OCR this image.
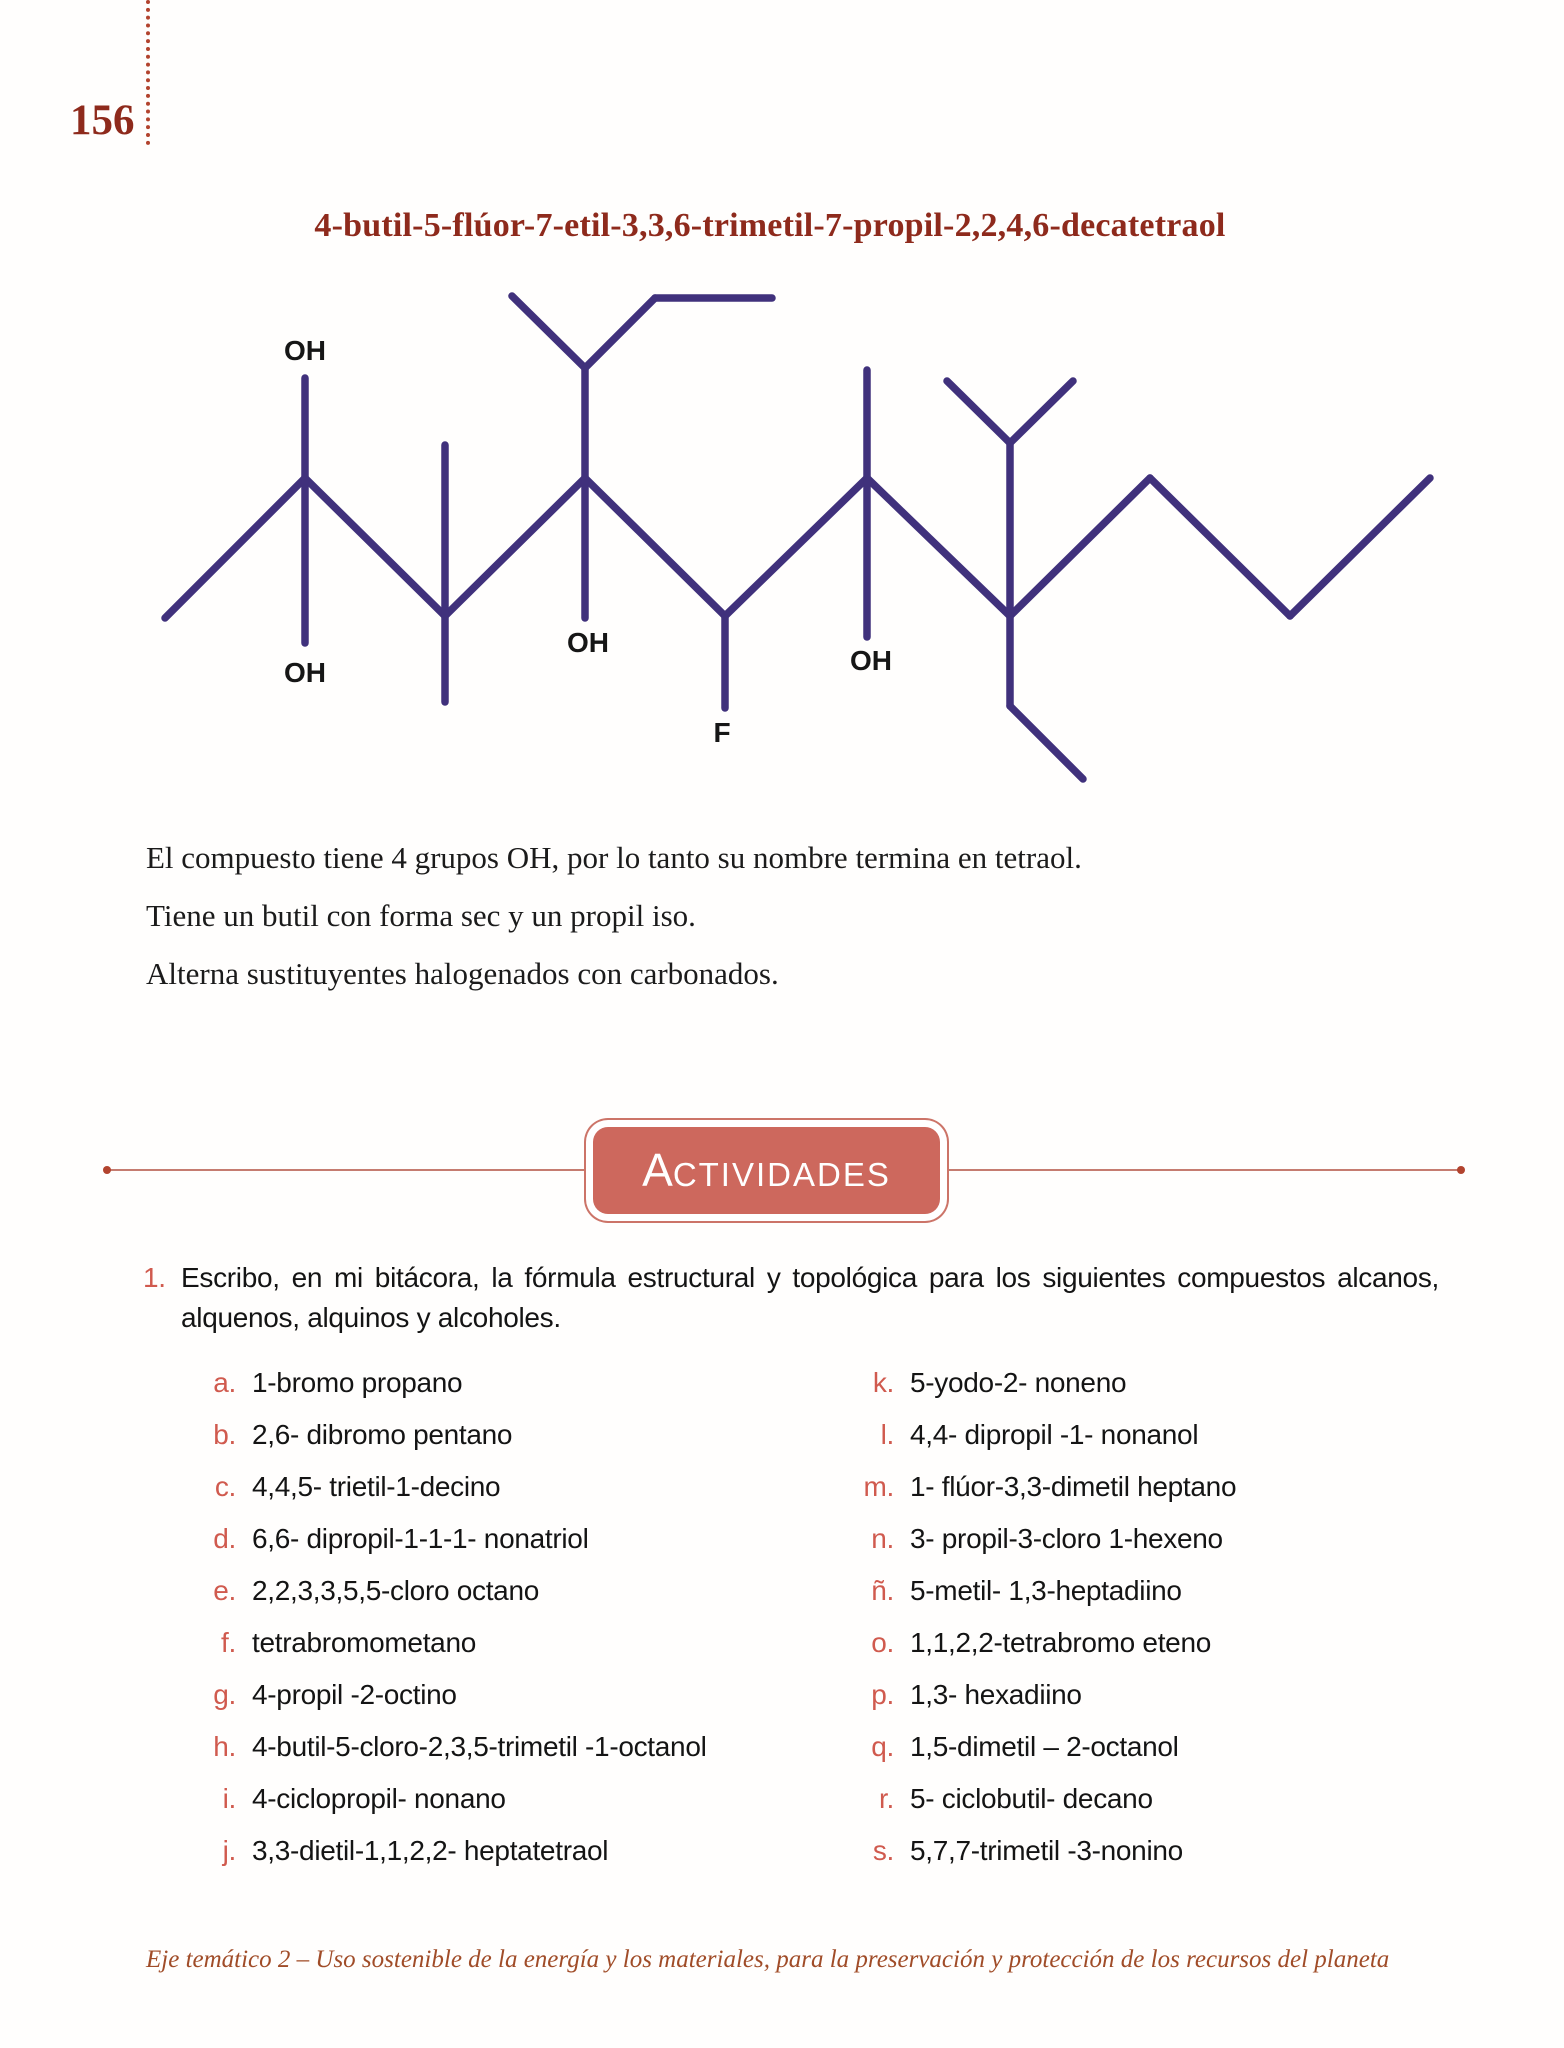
156
4-butil-5-flúor-7-etil-3,3,6-trimetil-7-propil-2,2,4,6-decatetraol
OH
OH
OH
F
OH

El compuesto tiene 4 grupos OH, por lo tanto su nombre termina en tetraol.

Tiene un butil con forma sec y un propil iso.

Alterna sustituyentes halogenados con carbonados.

ACTIVIDADES
1. Escribo, en mi bitácora, la fórmula estructural y topológica para los siguientes compuestos alcanos, alquenos, alquinos y alcoholes.
a. 1-bromo propano
b. 2,6- dibromo pentano
c. 4,4,5- trietil-1-decino
d. 6,6- dipropil-1-1-1- nonatriol
e. 2,2,3,3,5,5-cloro octano
f. tetrabromometano
g. 4-propil -2-octino
h. 4-butil-5-cloro-2,3,5-trimetil -1-octanol
i. 4-ciclopropil- nonano
j. 3,3-dietil-1,1,2,2- heptatetraol
k. 5-yodo-2- noneno
l. 4,4- dipropil -1- nonanol
m. 1- flúor-3,3-dimetil heptano
n. 3- propil-3-cloro 1-hexeno
ñ. 5-metil- 1,3-heptadiino
o. 1,1,2,2-tetrabromo eteno
p. 1,3- hexadiino
q. 1,5-dimetil – 2-octanol
r. 5- ciclobutil- decano
s. 5,7,7-trimetil -3-nonino
Eje temático 2 – Uso sostenible de la energía y los materiales, para la preservación y protección de los recursos del planeta
